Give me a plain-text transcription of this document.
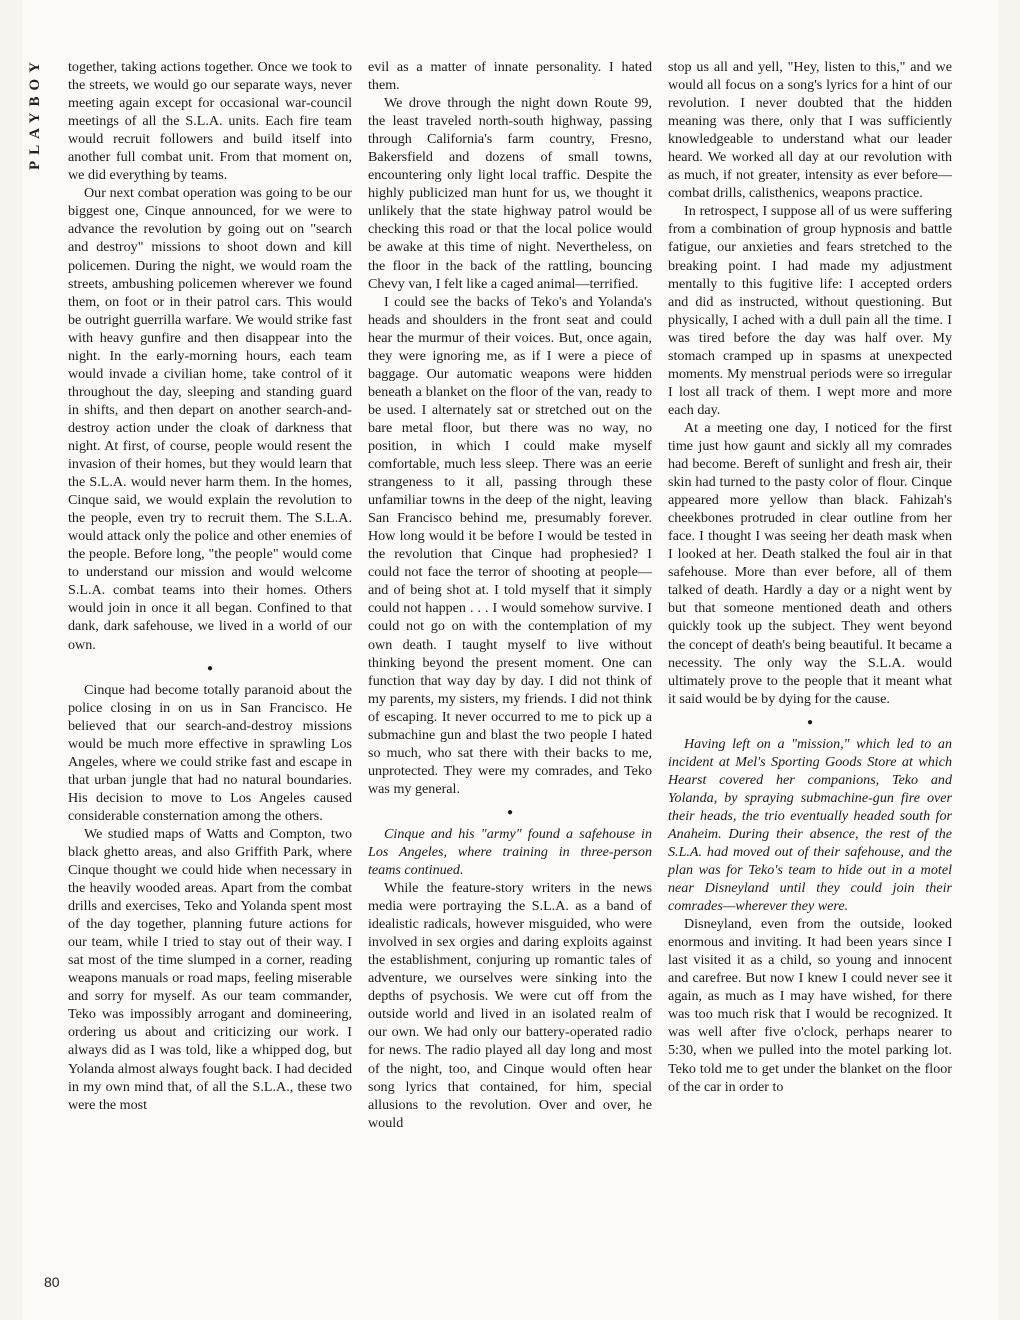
PLAYBOY	together, taking actions together. Once we took to the streets, we would go our separate ways, never meeting again except for occasional war-council meetings of all the S.L.A. units. Each fire team would recruit followers and build itself into another full combat unit. From that moment on, we did everything by teams.

Our next combat operation was going to be our biggest one, Cinque announced, for we were to advance the revolution by going out on "search and destroy" missions to shoot down and kill policemen. During the night, we would roam the streets, ambushing policemen wherever we found them, on foot or in their patrol cars. This would be outright guerrilla warfare. We would strike fast with heavy gunfire and then disappear into the night. In the early-morning hours, each team would invade a civilian home, take control of it throughout the day, sleeping and standing guard in shifts, and then depart on another search-and-destroy action under the cloak of darkness that night. At first, of course, people would resent the invasion of their homes, but they would learn that the S.L.A. would never harm them. In the homes, Cinque said, we would explain the revolution to the people, even try to recruit them. The S.L.A. would attack only the police and other enemies of the people. Before long, "the people" would come to understand our mission and would welcome S.L.A. combat teams into their homes. Others would join in once it all began. Confined to that dank, dark safehouse, we lived in a world of our own.

●

Cinque had become totally paranoid about the police closing in on us in San Francisco. He believed that our search-and-destroy missions would be much more effective in sprawling Los Angeles, where we could strike fast and escape in that urban jungle that had no natural boundaries. His decision to move to Los Angeles caused considerable consternation among the others.

We studied maps of Watts and Compton, two black ghetto areas, and also Griffith Park, where Cinque thought we could hide when necessary in the heavily wooded areas. Apart from the combat drills and exercises, Teko and Yolanda spent most of the day together, planning future actions for our team, while I tried to stay out of their way. I sat most of the time slumped in a corner, reading weapons manuals or road maps, feeling miserable and sorry for myself. As our team commander, Teko was impossibly arrogant and domineering, ordering us about and criticizing our work. I always did as I was told, like a whipped dog, but Yolanda almost always fought back. I had decided in my own mind that, of all the S.L.A., these two were the most

evil as a matter of innate personality. I hated them.

We drove through the night down Route 99, the least traveled north-south highway, passing through California's farm country, Fresno, Bakersfield and dozens of small towns, encountering only light local traffic. Despite the highly publicized man hunt for us, we thought it unlikely that the state highway patrol would be checking this road or that the local police would be awake at this time of night. Nevertheless, on the floor in the back of the rattling, bouncing Chevy van, I felt like a caged animal—terrified.

I could see the backs of Teko's and Yolanda's heads and shoulders in the front seat and could hear the murmur of their voices. But, once again, they were ignoring me, as if I were a piece of baggage. Our automatic weapons were hidden beneath a blanket on the floor of the van, ready to be used. I alternately sat or stretched out on the bare metal floor, but there was no way, no position, in which I could make myself comfortable, much less sleep. There was an eerie strangeness to it all, passing through these unfamiliar towns in the deep of the night, leaving San Francisco behind me, presumably forever. How long would it be before I would be tested in the revolution that Cinque had prophesied? I could not face the terror of shooting at people—and of being shot at. I told myself that it simply could not happen . . . I would somehow survive. I could not go on with the contemplation of my own death. I taught myself to live without thinking beyond the present moment. One can function that way day by day. I did not think of my parents, my sisters, my friends. I did not think of escaping. It never occurred to me to pick up a submachine gun and blast the two people I hated so much, who sat there with their backs to me, unprotected. They were my comrades, and Teko was my general.

●

Cinque and his "army" found a safehouse in Los Angeles, where training in three-person teams continued.

While the feature-story writers in the news media were portraying the S.L.A. as a band of idealistic radicals, however misguided, who were involved in sex orgies and daring exploits against the establishment, conjuring up romantic tales of adventure, we ourselves were sinking into the depths of psychosis. We were cut off from the outside world and lived in an isolated realm of our own. We had only our battery-operated radio for news. The radio played all day long and most of the night, too, and Cinque would often hear song lyrics that contained, for him, special allusions to the revolution. Over and over, he would

stop us all and yell, "Hey, listen to this," and we would all focus on a song's lyrics for a hint of our revolution. I never doubted that the hidden meaning was there, only that I was sufficiently knowledgeable to understand what our leader heard. We worked all day at our revolution with as much, if not greater, intensity as ever before—combat drills, calisthenics, weapons practice.

In retrospect, I suppose all of us were suffering from a combination of group hypnosis and battle fatigue, our anxieties and fears stretched to the breaking point. I had made my adjustment mentally to this fugitive life: I accepted orders and did as instructed, without questioning. But physically, I ached with a dull pain all the time. I was tired before the day was half over. My stomach cramped up in spasms at unexpected moments. My menstrual periods were so irregular I lost all track of them. I wept more and more each day.

At a meeting one day, I noticed for the first time just how gaunt and sickly all my comrades had become. Bereft of sunlight and fresh air, their skin had turned to the pasty color of flour. Cinque appeared more yellow than black. Fahizah's cheekbones protruded in clear outline from her face. I thought I was seeing her death mask when I looked at her. Death stalked the foul air in that safehouse. More than ever before, all of them talked of death. Hardly a day or a night went by but that someone mentioned death and others quickly took up the subject. They went beyond the concept of death's being beautiful. It became a necessity. The only way the S.L.A. would ultimately prove to the people that it meant what it said would be by dying for the cause.

●

Having left on a "mission," which led to an incident at Mel's Sporting Goods Store at which Hearst covered her companions, Teko and Yolanda, by spraying submachine-gun fire over their heads, the trio eventually headed south for Anaheim. During their absence, the rest of the S.L.A. had moved out of their safehouse, and the plan was for Teko's team to hide out in a motel near Disneyland until they could join their comrades—wherever they were.

Disneyland, even from the outside, looked enormous and inviting. It had been years since I last visited it as a child, so young and innocent and carefree. But now I knew I could never see it again, as much as I may have wished, for there was too much risk that I would be recognized. It was well after five o'clock, perhaps nearer to 5:30, when we pulled into the motel parking lot. Teko told me to get under the blanket on the floor of the car in order to

80
